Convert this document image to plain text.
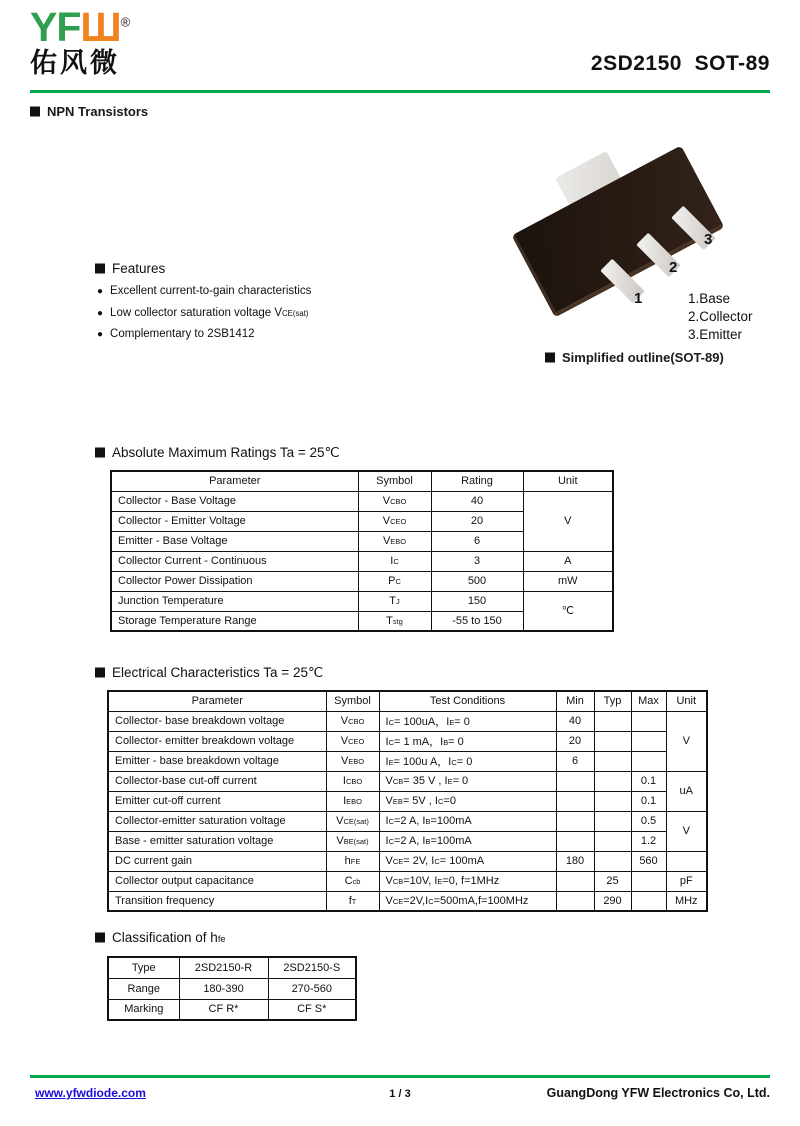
YFШ®
佑风微	2SD2150  SOT-89
NPN Transistors
Features
● Excellent current-to-gain characteristics
● Low collector saturation voltage VCE(sat)
● Complementary to 2SB1412
1
2
3
1.Base
2.Collector
3.Emitter
Simplified outline(SOT-89)
Absolute Maximum Ratings Ta = 25℃
Parameter	Symbol	Rating	Unit
Collector - Base Voltage	VCBO	40	V
Collector - Emitter Voltage	VCEO	20	
Emitter - Base Voltage	VEBO	6	
Collector Current - Continuous	IC	3	A
Collector Power Dissipation	PC	500	mW
Junction Temperature	TJ	150	℃
Storage Temperature Range	Tstg	-55 to 150	
Electrical Characteristics Ta = 25℃
Parameter	Symbol	Test Conditions	Min	Typ	Max	Unit
Collector- base breakdown voltage	VCBO	IC= 100uA，IE= 0	40			V
Collector- emitter breakdown voltage	VCEO	IC= 1 mA，IB= 0	20			
Emitter - base breakdown voltage	VEBO	IE= 100u A，IC= 0	6			
Collector-base cut-off current	ICBO	VCB= 35 V , IE= 0			0.1	uA
Emitter cut-off current	IEBO	VEB= 5V , IC=0			0.1	
Collector-emitter saturation voltage	VCE(sat)	IC=2 A, IB=100mA			0.5	V
Base - emitter saturation voltage	VBE(sat)	IC=2 A, IB=100mA			1.2	
DC current gain	hFE	VCE= 2V, IC= 100mA	180		560	
Collector output capacitance	Ccb	VCB=10V, IE=0, f=1MHz		25		pF
Transition frequency	fT	VCE=2V,IC=500mA,f=100MHz		290		MHz
Classification of hfe
Type	2SD2150-R	2SD2150-S
Range	180-390	270-560
Marking	CF R*	CF S*
www.yfwdiode.com	1 / 3	GuangDong YFW Electronics Co, Ltd.
